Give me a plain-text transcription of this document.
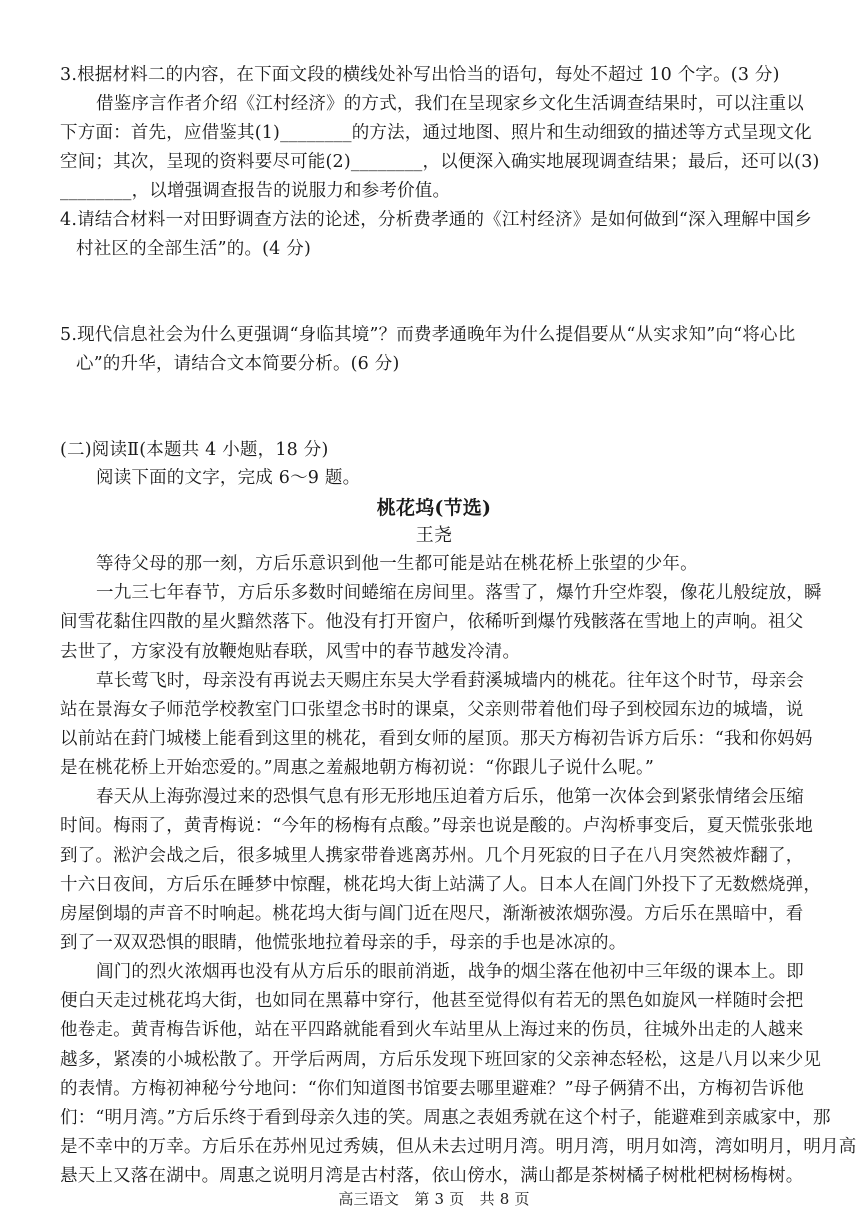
3.根据材料二的内容，在下面文段的横线处补写出恰当的语句，每处不超过 10 个字。(3 分)
借鉴序言作者介绍《江村经济》的方式，我们在呈现家乡文化生活调查结果时，可以注重以
下方面：首先，应借鉴其(1)________的方法，通过地图、照片和生动细致的描述等方式呈现文化
空间；其次，呈现的资料要尽可能(2)________，以便深入确实地展现调查结果；最后，还可以(3)
________，以增强调查报告的说服力和参考价值。
4.请结合材料一对田野调查方法的论述，分析费孝通的《江村经济》是如何做到“深入理解中国乡
村社区的全部生活”的。(4 分)
5.现代信息社会为什么更强调“身临其境”？而费孝通晚年为什么提倡要从“从实求知”向“将心比
心”的升华，请结合文本简要分析。(6 分)
(二)阅读Ⅱ(本题共 4 小题，18 分)
阅读下面的文字，完成 6～9 题。
桃花坞(节选)
王尧
等待父母的那一刻，方后乐意识到他一生都可能是站在桃花桥上张望的少年。
一九三七年春节，方后乐多数时间蜷缩在房间里。落雪了，爆竹升空炸裂，像花儿般绽放，瞬
间雪花黏住四散的星火黯然落下。他没有打开窗户，依稀听到爆竹残骸落在雪地上的声响。祖父
去世了，方家没有放鞭炮贴春联，风雪中的春节越发冷清。
草长莺飞时，母亲没有再说去天赐庄东吴大学看葑溪城墙内的桃花。往年这个时节，母亲会
站在景海女子师范学校教室门口张望念书时的课桌，父亲则带着他们母子到校园东边的城墙，说
以前站在葑门城楼上能看到这里的桃花，看到女师的屋顶。那天方梅初告诉方后乐：“我和你妈妈
是在桃花桥上开始恋爱的。”周惠之羞赧地朝方梅初说：“你跟儿子说什么呢。”
春天从上海弥漫过来的恐惧气息有形无形地压迫着方后乐，他第一次体会到紧张情绪会压缩
时间。梅雨了，黄青梅说：“今年的杨梅有点酸。”母亲也说是酸的。卢沟桥事变后，夏天慌张张地
到了。淞沪会战之后，很多城里人携家带眷逃离苏州。几个月死寂的日子在八月突然被炸翻了，
十六日夜间，方后乐在睡梦中惊醒，桃花坞大街上站满了人。日本人在阊门外投下了无数燃烧弹，
房屋倒塌的声音不时响起。桃花坞大街与阊门近在咫尺，渐渐被浓烟弥漫。方后乐在黑暗中，看
到了一双双恐惧的眼睛，他慌张地拉着母亲的手，母亲的手也是冰凉的。
阊门的烈火浓烟再也没有从方后乐的眼前消逝，战争的烟尘落在他初中三年级的课本上。即
便白天走过桃花坞大街，也如同在黑幕中穿行，他甚至觉得似有若无的黑色如旋风一样随时会把
他卷走。黄青梅告诉他，站在平四路就能看到火车站里从上海过来的伤员，往城外出走的人越来
越多，紧凑的小城松散了。开学后两周，方后乐发现下班回家的父亲神态轻松，这是八月以来少见
的表情。方梅初神秘兮兮地问：“你们知道图书馆要去哪里避难？”母子俩猜不出，方梅初告诉他
们：“明月湾。”方后乐终于看到母亲久违的笑。周惠之表姐秀就在这个村子，能避难到亲戚家中，那
是不幸中的万幸。方后乐在苏州见过秀姨，但从未去过明月湾。明月湾，明月如湾，湾如明月，明月高
悬天上又落在湖中。周惠之说明月湾是古村落，依山傍水，满山都是茶树橘子树枇杷树杨梅树。
高三语文　第 3 页　共 8 页
